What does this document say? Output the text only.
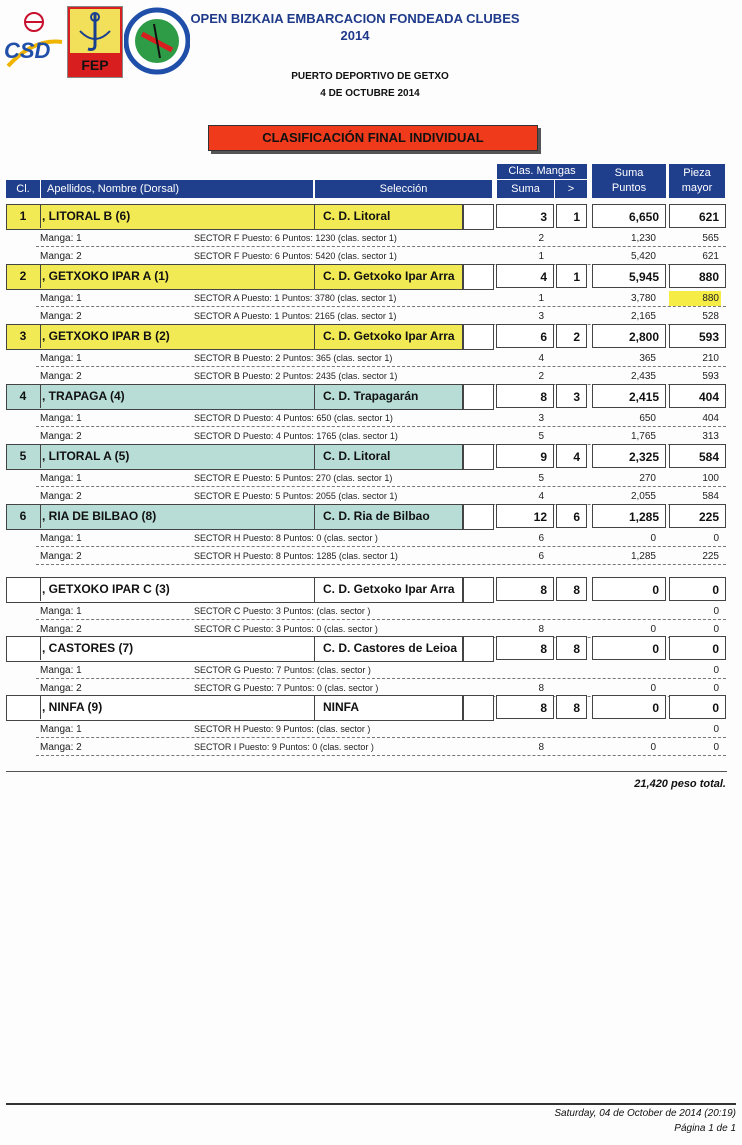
CSD
FEP
OPEN BIZKAIA EMBARCACION FONDEADA CLUBES
2014
PUERTO DEPORTIVO DE GETXO
4 DE OCTUBRE 2014
CLASIFICACIÓN FINAL INDIVIDUAL
Cl.	Apellidos, Nombre (Dorsal)	Selección
Clas. Mangas
Suma	>
Suma
Puntos
Pieza
mayor
1	, LITORAL B (6)	C. D. Litoral	3	1	6,650	621
Manga: 1	SECTOR F Puesto: 6 Puntos: 1230 (clas. sector 1)	2	1,230	565
Manga: 2	SECTOR F Puesto: 6 Puntos: 5420 (clas. sector 1)	1	5,420	621
2	, GETXOKO IPAR A (1)	C. D. Getxoko Ipar Arra	4	1	5,945	880
Manga: 1	SECTOR A Puesto: 1 Puntos: 3780 (clas. sector 1)	1	3,780	880
Manga: 2	SECTOR A Puesto: 1 Puntos: 2165 (clas. sector 1)	3	2,165	528
3	, GETXOKO IPAR B (2)	C. D. Getxoko Ipar Arra	6	2	2,800	593
Manga: 1	SECTOR B Puesto: 2 Puntos: 365 (clas. sector 1)	4	365	210
Manga: 2	SECTOR B Puesto: 2 Puntos: 2435 (clas. sector 1)	2	2,435	593
4	, TRAPAGA (4)	C. D. Trapagarán	8	3	2,415	404
Manga: 1	SECTOR D Puesto: 4 Puntos: 650 (clas. sector 1)	3	650	404
Manga: 2	SECTOR D Puesto: 4 Puntos: 1765 (clas. sector 1)	5	1,765	313
5	, LITORAL A (5)	C. D. Litoral	9	4	2,325	584
Manga: 1	SECTOR E Puesto: 5 Puntos: 270 (clas. sector 1)	5	270	100
Manga: 2	SECTOR E Puesto: 5 Puntos: 2055 (clas. sector 1)	4	2,055	584
6	, RIA DE BILBAO (8)	C. D. Ria de Bilbao	12	6	1,285	225
Manga: 1	SECTOR H Puesto: 8 Puntos: 0 (clas. sector )	6	0	0
Manga: 2	SECTOR H Puesto: 8 Puntos: 1285 (clas. sector 1)	6	1,285	225
, GETXOKO IPAR C (3)	C. D. Getxoko Ipar Arra	8	8	0	0
Manga: 1	SECTOR C Puesto: 3 Puntos: (clas. sector )	0
Manga: 2	SECTOR C Puesto: 3 Puntos: 0 (clas. sector )	8	0	0
, CASTORES (7)	C. D. Castores de Leioa	8	8	0	0
Manga: 1	SECTOR G Puesto: 7 Puntos: (clas. sector )	0
Manga: 2	SECTOR G Puesto: 7 Puntos: 0 (clas. sector )	8	0	0
, NINFA (9)	NINFA	8	8	0	0
Manga: 1	SECTOR H Puesto: 9 Puntos: (clas. sector )	0
Manga: 2	SECTOR I Puesto: 9 Puntos: 0 (clas. sector )	8	0	0
21,420 peso total.
Saturday, 04 de October de 2014 (20:19)
Página 1 de 1
